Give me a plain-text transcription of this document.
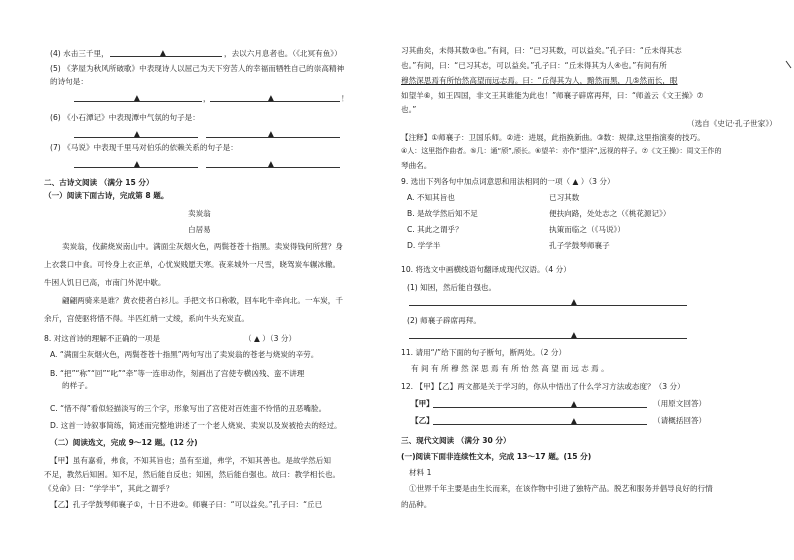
(4) 水击三千里，	▲	，去以六月息者也。（《北冥有鱼》）
(5) 《茅屋为秋风所破歌》中表现诗人以屈己为天下穷苦人的幸福而牺牲自己的崇高精神
的诗句是：
▲	，	▲	！
(6) 《小石潭记》中表现潭中气氛的句子是：
▲	▲
(7) 《马说》中表现千里马对伯乐的依赖关系的句子是：
▲	▲
二、古诗文阅读 （满分 15 分）
（一）阅读下面古诗，完成第 8 题。
卖炭翁
白居易
卖炭翁，伐薪烧炭南山中。满面尘灰烟火色，两鬓苍苍十指黑。卖炭得钱何所营？身
上衣裳口中食。可怜身上衣正单，心忧炭贱愿天寒。夜来城外一尺雪，晓驾炭车辗冰辙。
牛困人饥日已高，市南门外泥中歇。
翩翩两骑来是谁？黄衣使者白衫儿。手把文书口称敕，回车叱牛牵向北。一车炭，千
余斤，宫使驱将惜不得。半匹红绡一丈绫，系向牛头充炭直。
8. 对这首诗的理解不正确的一项是	（ ▲ ）（3 分）
A. “满面尘灰烟火色，两鬓苍苍十指黑”两句写出了卖炭翁的苍老与烧炭的辛劳。
B. “把”“称”“回”“叱”“牵”等一连串动作，刻画出了宫使专横凶残、蛮不讲理
的样子。
C. “惜不得”看似轻描淡写的三个字，形象写出了宫使对百姓蛮不怜惜的丑恶嘴脸。
D. 这首一诗叙事简练，简述而完整地讲述了一个老人烧炭、卖炭以及炭被抢去的经过。
（二）阅读选文，完成 9～12 题。(12 分)
【甲】虽有嘉肴，弗食，不知其旨也；虽有至道，弗学，不知其善也。是故学然后知
不足，教然后知困。知不足，然后能自反也；知困，然后能自强也。故曰：教学相长也。
《兑命》曰：“学学半”，其此之谓乎？
【乙】孔子学鼓琴师襄子①，十日不进②。师襄子曰：“可以益矣。”孔子曰：“丘已
习其曲矣，未得其数③也。”有间，曰：“已习其数，可以益矣。”孔子曰：“丘未得其志
也。”有间，曰：“已习其志，可以益矣。”孔子曰：“丘未得其为人④也。”有间有所
穆然深思焉有所怡然高望而远志焉。曰：“丘得其为人，黯然而黑，几⑤然而长，眼
如望羊⑥，如王四国，非文王其谁能为此也！”师襄子辟席再拜，曰：“师盖云《文王操》⑦
也。”
（选自《史记·孔子世家》）
【注释】①师襄子：卫国乐师。②进：进展，此指换新曲。③数：规律,这里指演奏的技巧。
④人：这里指作曲者。⑤几：通“颀”,颀长。⑥望羊：亦作“望洋”,远视的样子。⑦《文王操》：周文王作的
琴曲名。
9. 选出下列各句中加点词意思和用法相同的一项（ ▲ ）（3 分）
A. 不知其旨也	已习其数
B. 是故学然后知不足	便扶向路，处处志之（《桃花源记》）
C. 其此之谓乎？	执策而临之（《马说》）
D. 学学半	孔子学鼓琴师襄子
10. 将选文中画横线语句翻译成现代汉语。（4 分）
(1) 知困，然后能自强也。
▲
(2) 师襄子辟席再拜。
▲
11. 请用“/”给下面的句子断句，断两处。（2 分）
有 间 有 所 穆 然 深 思 焉 有 所 怡 然 高 望 而 远 志 焉 。
12. 【甲】【乙】两文都是关于学习的，你从中悟出了什么学习方法或态度？（3 分）
【甲】	▲	（用原文回答）
【乙】	▲	（请概括回答）
三、现代文阅读 （满分 30 分）
(一)阅读下面非连续性文本，完成 13～17 题。(15 分)
材料 1
①世界千年主要是由生长而来，在该作物中引进了独特产品。脱艺和服务并倡导良好的行情
的品种。
